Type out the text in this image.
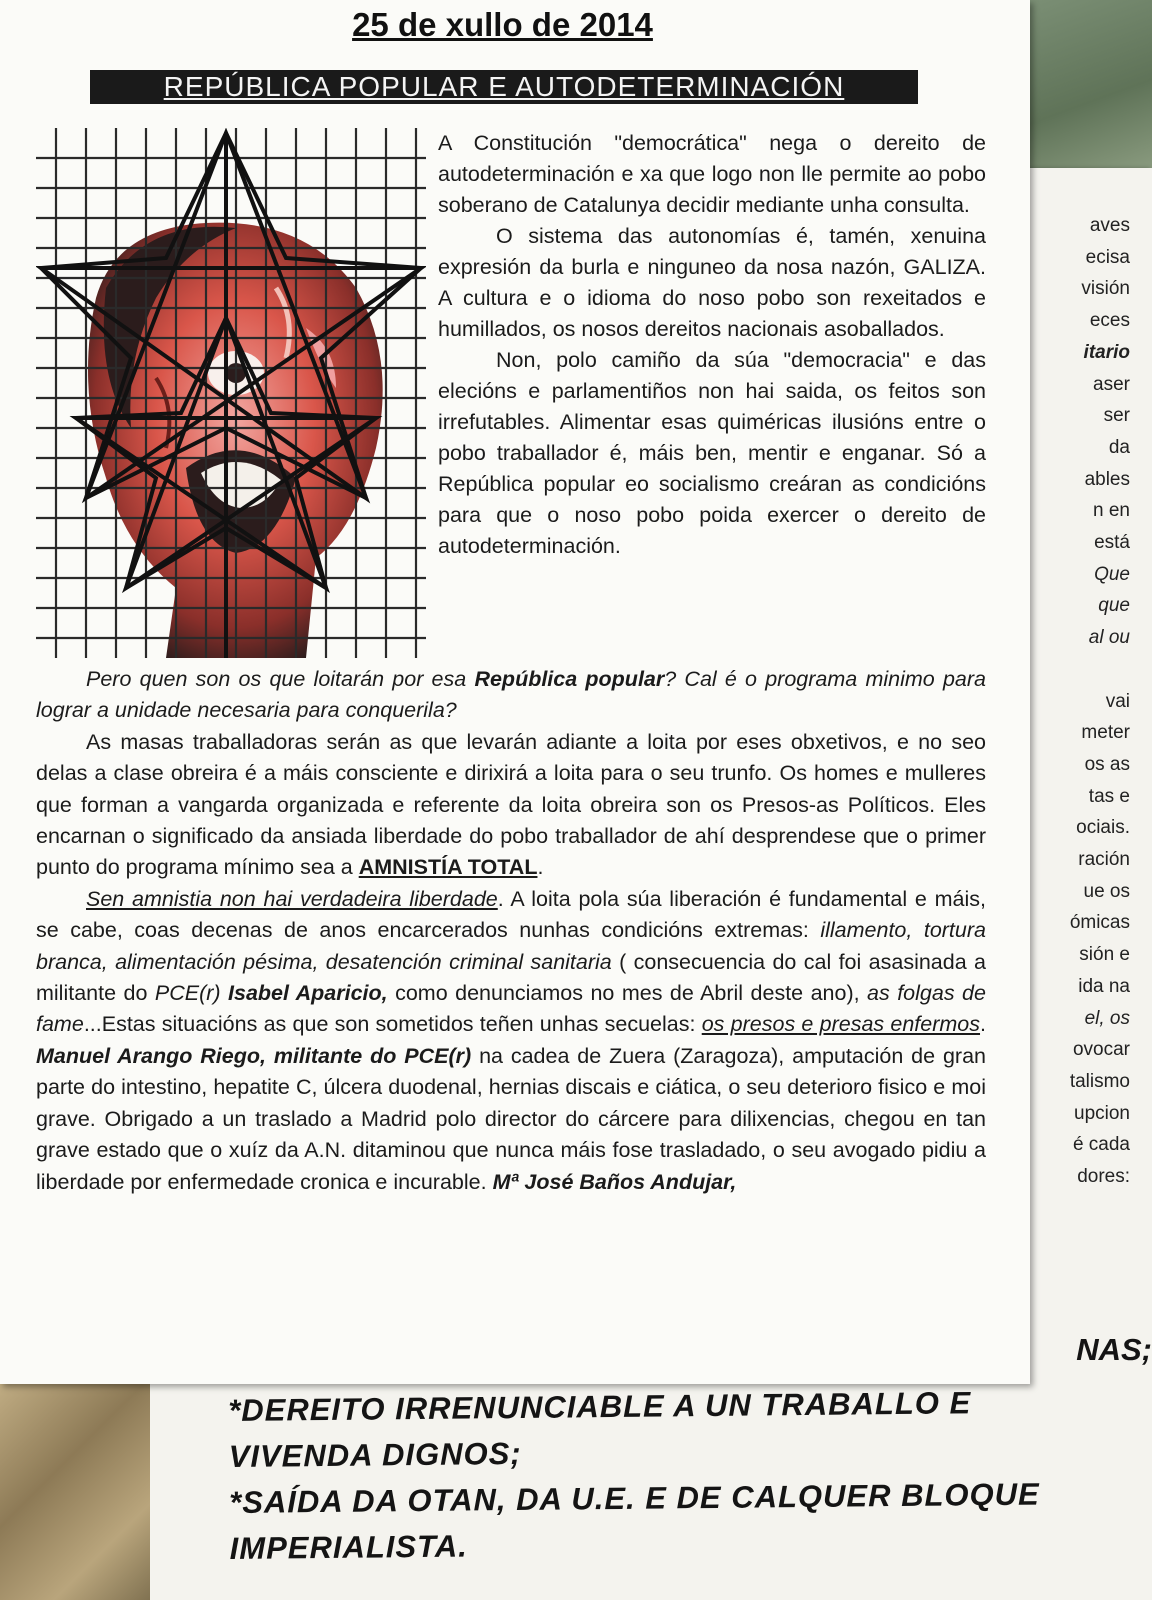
aves
ecisa
visión
eces
itario
aser
ser
da
ables
n en
está
Que
que
al ou

vai
meter
os as
tas e
ociais.
ración
ue os
ómicas
sión e
ida na
el, os
ovocar
talismo
upcion
é cada
dores:
NAS;
*DEREITO IRRENUNCIABLE A UN TRABALLO E
VIVENDA DIGNOS;
*SAÍDA DA OTAN, DA U.E. E DE CALQUER BLOQUE
IMPERIALISTA.
25 de xullo de 2014
REPÚBLICA POPULAR E AUTODETERMINACIÓN

A Constitución "democrática" nega o dereito de autodeterminación e xa que logo non lle permite ao pobo soberano de Catalunya decidir mediante unha consulta.

O sistema das autonomías é, tamén, xenuina expresión da burla e ninguneo da nosa nazón, GALIZA. A cultura e o idioma do noso pobo son rexeitados e humillados, os nosos dereitos nacionais asoballados.

Non, polo camiño da súa "democracia" e das elecións e parlamentiños non hai saida, os feitos son irrefutables. Alimentar esas quiméricas ilusións entre o pobo traballador é, máis ben, mentir e enganar. Só a República popular eo socialismo creáran as condicións para que o noso pobo poida exercer o dereito de autodeterminación.

Pero quen son os que loitarán por esa República popular? Cal é o programa minimo para lograr a unidade necesaria para conquerila?

As masas traballadoras serán as que levarán adiante a loita por eses obxetivos, e no seo delas a clase obreira é a máis consciente e dirixirá a loita para o seu trunfo. Os homes e mulleres que forman a vangarda organizada e referente da loita obreira son os Presos-as Políticos. Eles encarnan o significado da ansiada liberdade do pobo traballador de ahí desprendese que o primer punto do programa mínimo sea a AMNISTÍA TOTAL.

Sen amnistia non hai verdadeira liberdade. A loita pola súa liberación é fundamental e máis, se cabe, coas decenas de anos encarcerados nunhas condicións extremas: illamento, tortura branca, alimentación pésima, desatención criminal sanitaria ( consecuencia do cal foi asasinada a militante do PCE(r) Isabel Aparicio, como denunciamos no mes de Abril deste ano), as folgas de fame...Estas situacións as que son sometidos teñen unhas secuelas: os presos e presas enfermos. Manuel Arango Riego, militante do PCE(r) na cadea de Zuera (Zaragoza), amputación de gran parte do intestino, hepatite C, úlcera duodenal, hernias discais e ciática, o seu deterioro fisico e moi grave. Obrigado a un traslado a Madrid polo director do cárcere para dilixencias, chegou en tan grave estado que o xuíz da A.N. ditaminou que nunca máis fose trasladado, o seu avogado pidiu a liberdade por enfermedade cronica e incurable. Mª José Baños Andujar,
